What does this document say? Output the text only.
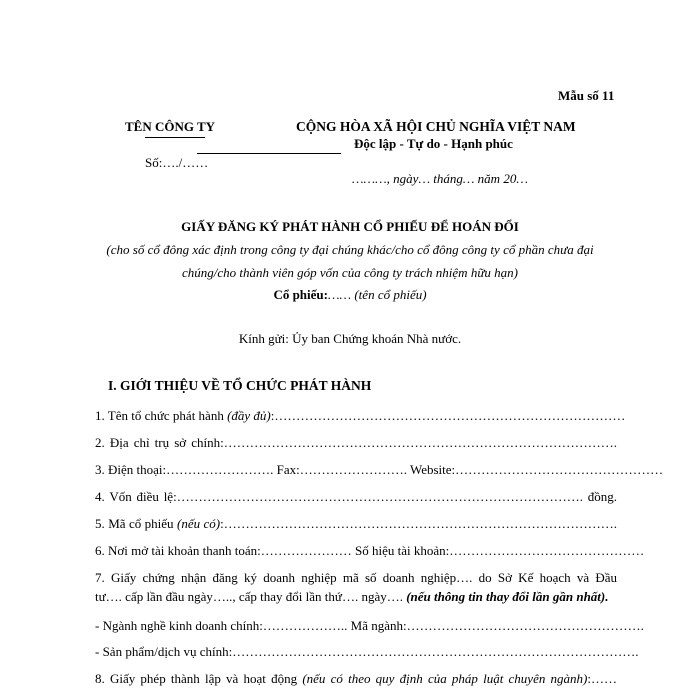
Mẫu số 11
TÊN CÔNG TY
Số:…./……
CỘNG HÒA XÃ HỘI CHỦ NGHĨA VIỆT NAM
Độc lập - Tự do - Hạnh phúc
………, ngày… tháng… năm 20…
GIẤY ĐĂNG KÝ PHÁT HÀNH CỔ PHIẾU ĐỂ HOÁN ĐỔI
(cho số cổ đông xác định trong công ty đại chúng khác/cho cổ đông công ty cổ phần chưa đại
chúng/cho thành viên góp vốn của công ty trách nhiệm hữu hạn)
Cổ phiếu:…… (tên cổ phiếu)
Kính gửi: Ủy ban Chứng khoán Nhà nước.
I. GIỚI THIỆU VỀ TỔ CHỨC PHÁT HÀNH
1. Tên tổ chức phát hành (đầy đủ):………………………………………………………………………
2. Địa chỉ trụ sở chính:……………………………………………………………………………….
3. Điện thoại:……………………. Fax:……………………. Website:…………………………………………
4. Vốn điều lệ:…………………………………………………………………………………. đồng.
5. Mã cổ phiếu (nếu có):……………………………………………………………………………….
6. Nơi mở tài khoản thanh toán:………………… Số hiệu tài khoản:………………………………………
7. Giấy chứng nhận đăng ký doanh nghiệp mã số doanh nghiệp…. do Sở Kế hoạch và Đầu
tư…. cấp lần đầu ngày….., cấp thay đổi lần thứ…. ngày…. (nếu thông tin thay đổi lần gần nhất).
- Ngành nghề kinh doanh chính:……………….. Mã ngành:……………………………………………….
- Sản phẩm/dịch vụ chính:………………………………………………………………………………….
8. Giấy phép thành lập và hoạt động (nếu có theo quy định của pháp luật chuyên ngành):……
